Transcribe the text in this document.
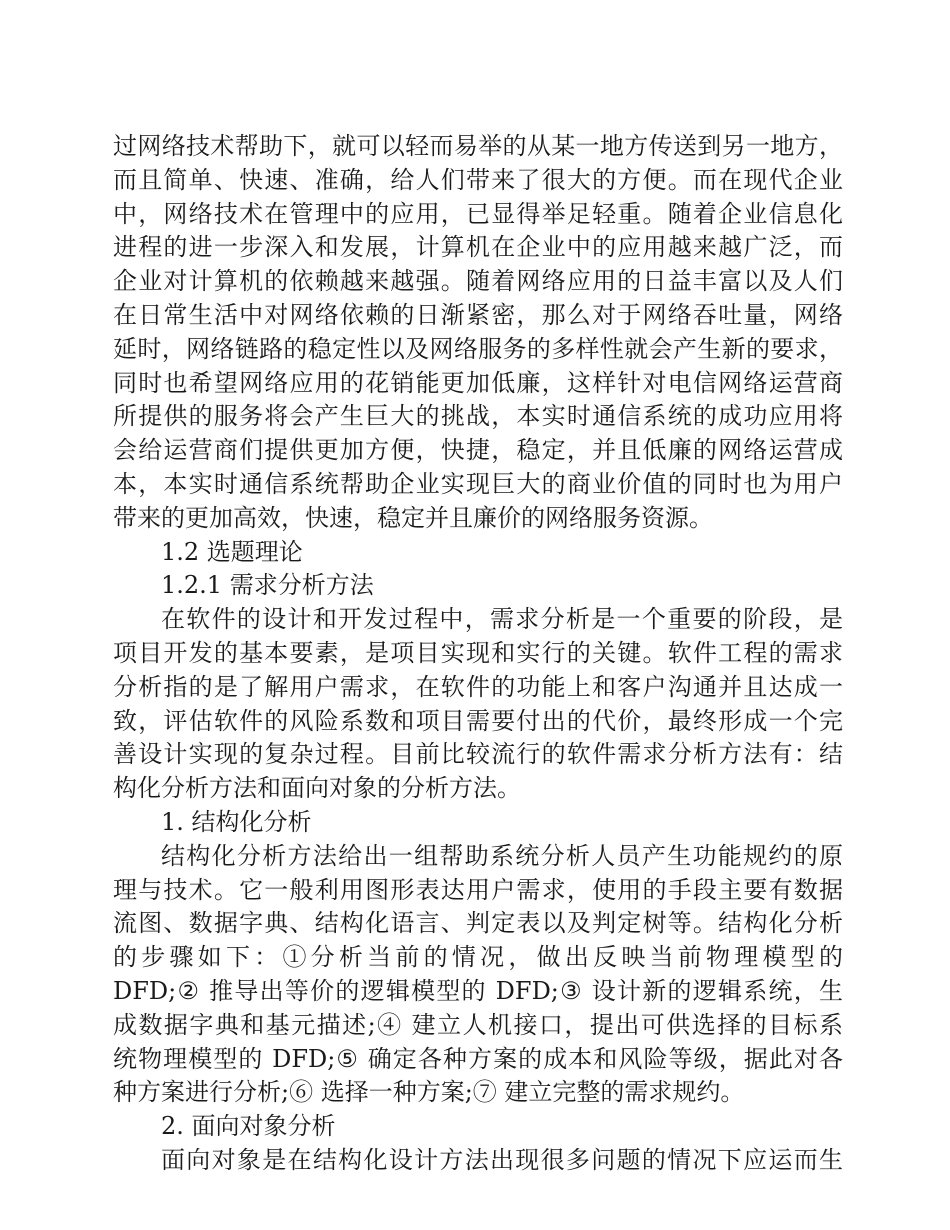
过网络技术帮助下，就可以轻而易举的从某一地方传送到另一地方，
而且简单、快速、准确，给人们带来了很大的方便。而在现代企业
中，网络技术在管理中的应用，已显得举足轻重。随着企业信息化
进程的进一步深入和发展，计算机在企业中的应用越来越广泛，而
企业对计算机的依赖越来越强。随着网络应用的日益丰富以及人们
在日常生活中对网络依赖的日渐紧密，那么对于网络吞吐量，网络
延时，网络链路的稳定性以及网络服务的多样性就会产生新的要求，
同时也希望网络应用的花销能更加低廉，这样针对电信网络运营商
所提供的服务将会产生巨大的挑战，本实时通信系统的成功应用将
会给运营商们提供更加方便，快捷，稳定，并且低廉的网络运营成
本，本实时通信系统帮助企业实现巨大的商业价值的同时也为用户
带来的更加高效，快速，稳定并且廉价的网络服务资源。
1.2 选题理论
1.2.1 需求分析方法
在软件的设计和开发过程中，需求分析是一个重要的阶段，是
项目开发的基本要素，是项目实现和实行的关键。软件工程的需求
分析指的是了解用户需求，在软件的功能上和客户沟通并且达成一
致，评估软件的风险系数和项目需要付出的代价，最终形成一个完
善设计实现的复杂过程。目前比较流行的软件需求分析方法有：结
构化分析方法和面向对象的分析方法。
1. 结构化分析
结构化分析方法给出一组帮助系统分析人员产生功能规约的原
理与技术。它一般利用图形表达用户需求，使用的手段主要有数据
流图、数据字典、结构化语言、判定表以及判定树等。结构化分析
的步骤如下：①分析当前的情况，做出反映当前物理模型的
DFD;② 推导出等价的逻辑模型的 DFD;③ 设计新的逻辑系统，生
成数据字典和基元描述;④ 建立人机接口，提出可供选择的目标系
统物理模型的 DFD;⑤ 确定各种方案的成本和风险等级，据此对各
种方案进行分析;⑥ 选择一种方案;⑦ 建立完整的需求规约。
2. 面向对象分析
面向对象是在结构化设计方法出现很多问题的情况下应运而生
